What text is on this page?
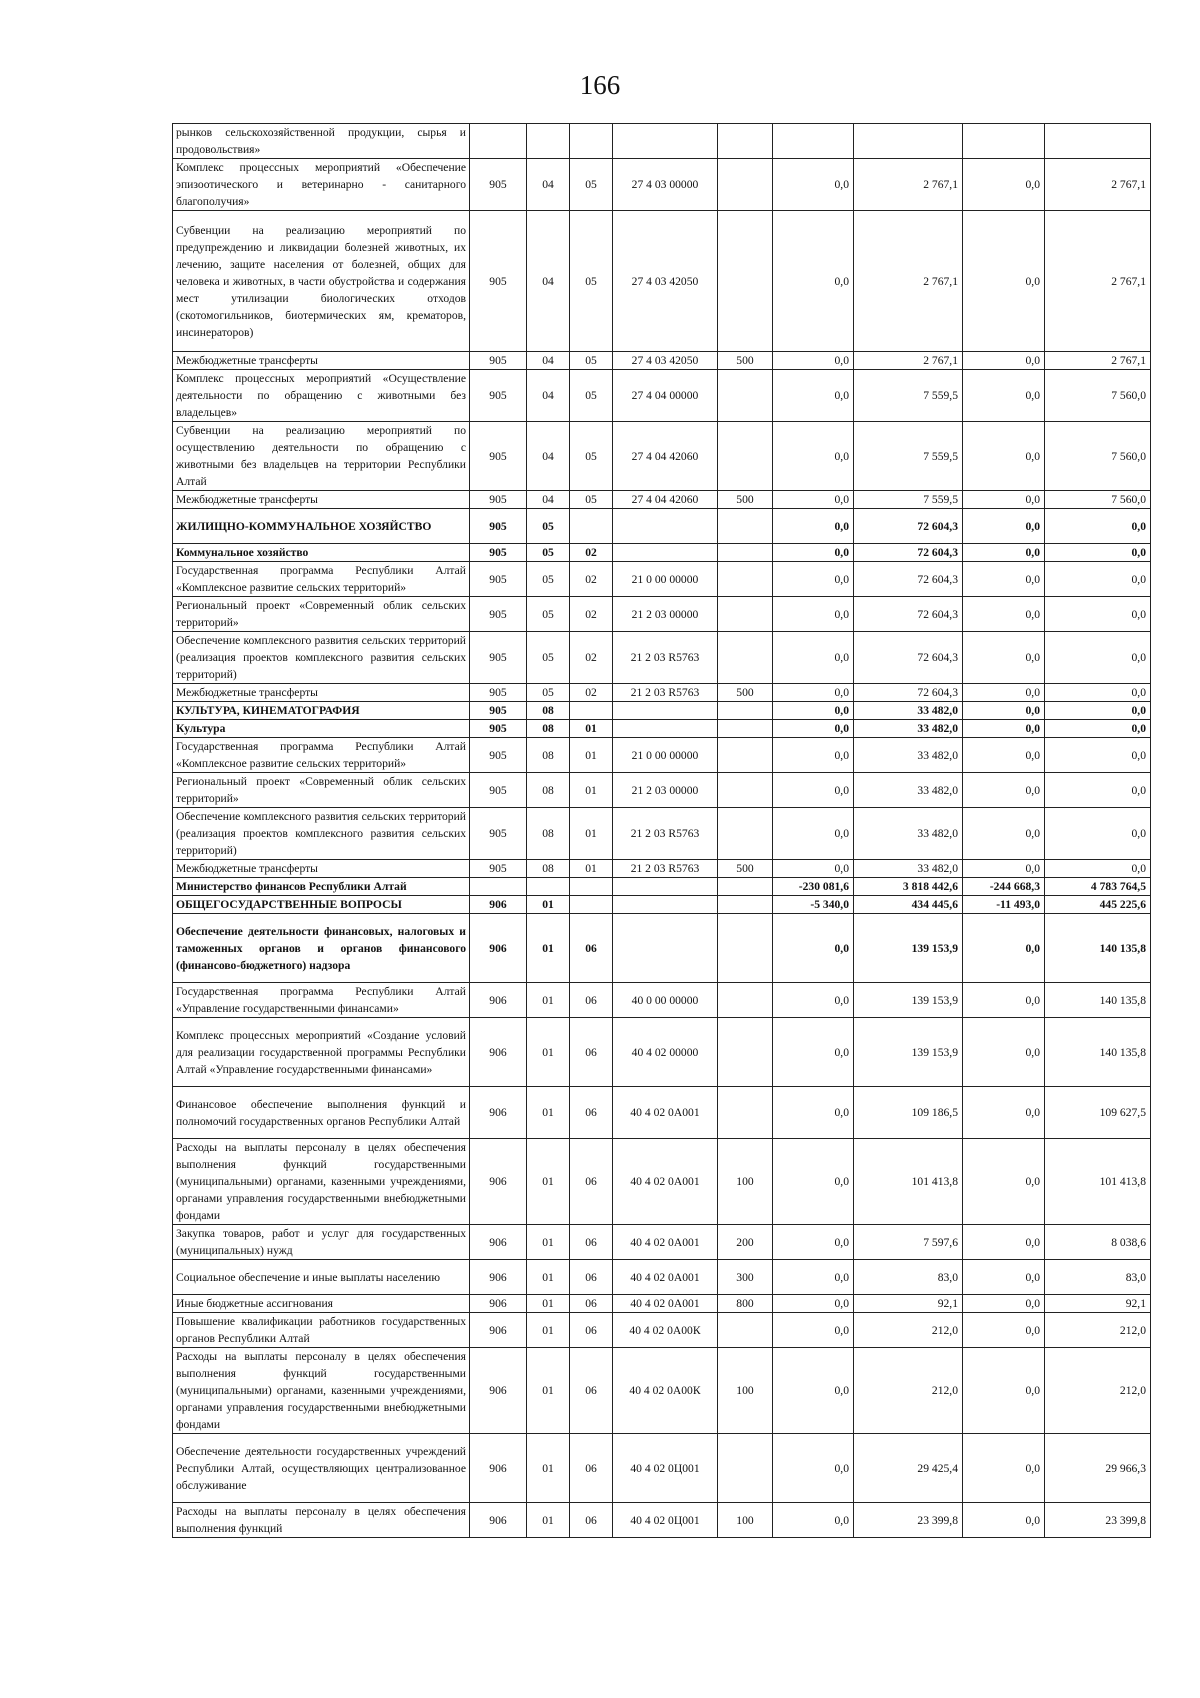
166
рынков сельскохозяйственной продукции, сырья и продовольствия»									
Комплекс процессных мероприятий «Обеспечение эпизоотического и ветеринарно - санитарного благополучия»	905	04	05	27 4 03 00000		0,0	2 767,1	0,0	2 767,1
Субвенции на реализацию мероприятий по предупреждению и ликвидации болезней животных, их лечению, защите населения от болезней, общих для человека и животных, в части обустройства и содержания мест утилизации биологических отходов (скотомогильников, биотермических ям, крематоров, инсинераторов)	905	04	05	27 4 03 42050		0,0	2 767,1	0,0	2 767,1
Межбюджетные трансферты	905	04	05	27 4 03 42050	500	0,0	2 767,1	0,0	2 767,1
Комплекс процессных мероприятий «Осуществление деятельности по обращению с животными без владельцев»	905	04	05	27 4 04 00000		0,0	7 559,5	0,0	7 560,0
Субвенции на реализацию мероприятий по осуществлению деятельности по обращению с животными без владельцев на территории Республики Алтай	905	04	05	27 4 04 42060		0,0	7 559,5	0,0	7 560,0
Межбюджетные трансферты	905	04	05	27 4 04 42060	500	0,0	7 559,5	0,0	7 560,0
ЖИЛИЩНО-КОММУНАЛЬНОЕ ХОЗЯЙСТВО	905	05				0,0	72 604,3	0,0	0,0
Коммунальное хозяйство	905	05	02			0,0	72 604,3	0,0	0,0
Государственная программа Республики Алтай «Комплексное развитие сельских территорий»	905	05	02	21 0 00 00000		0,0	72 604,3	0,0	0,0
Региональный проект «Современный облик сельских территорий»	905	05	02	21 2 03 00000		0,0	72 604,3	0,0	0,0
Обеспечение комплексного развития сельских территорий (реализация проектов комплексного развития сельских территорий)	905	05	02	21 2 03 R5763		0,0	72 604,3	0,0	0,0
Межбюджетные трансферты	905	05	02	21 2 03 R5763	500	0,0	72 604,3	0,0	0,0
КУЛЬТУРА, КИНЕМАТОГРАФИЯ	905	08				0,0	33 482,0	0,0	0,0
Культура	905	08	01			0,0	33 482,0	0,0	0,0
Государственная программа Республики Алтай «Комплексное развитие сельских территорий»	905	08	01	21 0 00 00000		0,0	33 482,0	0,0	0,0
Региональный проект «Современный облик сельских территорий»	905	08	01	21 2 03 00000		0,0	33 482,0	0,0	0,0
Обеспечение комплексного развития сельских территорий (реализация проектов комплексного развития сельских территорий)	905	08	01	21 2 03 R5763		0,0	33 482,0	0,0	0,0
Межбюджетные трансферты	905	08	01	21 2 03 R5763	500	0,0	33 482,0	0,0	0,0
Министерство финансов Республики Алтай						-230 081,6	3 818 442,6	-244 668,3	4 783 764,5
ОБЩЕГОСУДАРСТВЕННЫЕ ВОПРОСЫ	906	01				-5 340,0	434 445,6	-11 493,0	445 225,6
Обеспечение деятельности финансовых, налоговых и таможенных органов и органов финансового (финансово-бюджетного) надзора	906	01	06			0,0	139 153,9	0,0	140 135,8
Государственная программа Республики Алтай «Управление государственными финансами»	906	01	06	40 0 00 00000		0,0	139 153,9	0,0	140 135,8
Комплекс процессных мероприятий «Создание условий для реализации государственной программы Республики Алтай «Управление государственными финансами»	906	01	06	40 4 02 00000		0,0	139 153,9	0,0	140 135,8
Финансовое обеспечение выполнения функций и полномочий государственных органов Республики Алтай	906	01	06	40 4 02 0А001		0,0	109 186,5	0,0	109 627,5
Расходы на выплаты персоналу в целях обеспечения выполнения функций государственными (муниципальными) органами, казенными учреждениями, органами управления государственными внебюджетными фондами	906	01	06	40 4 02 0А001	100	0,0	101 413,8	0,0	101 413,8
Закупка товаров, работ и услуг для государственных (муниципальных) нужд	906	01	06	40 4 02 0А001	200	0,0	7 597,6	0,0	8 038,6
Социальное обеспечение и иные выплаты населению	906	01	06	40 4 02 0А001	300	0,0	83,0	0,0	83,0
Иные бюджетные ассигнования	906	01	06	40 4 02 0А001	800	0,0	92,1	0,0	92,1
Повышение квалификации работников государственных органов Республики Алтай	906	01	06	40 4 02 0А00К		0,0	212,0	0,0	212,0
Расходы на выплаты персоналу в целях обеспечения выполнения функций государственными (муниципальными) органами, казенными учреждениями, органами управления государственными внебюджетными фондами	906	01	06	40 4 02 0А00К	100	0,0	212,0	0,0	212,0
Обеспечение деятельности государственных учреждений Республики Алтай, осуществляющих централизованное обслуживание	906	01	06	40 4 02 0Ц001		0,0	29 425,4	0,0	29 966,3
Расходы на выплаты персоналу в целях обеспечения выполнения функций	906	01	06	40 4 02 0Ц001	100	0,0	23 399,8	0,0	23 399,8
